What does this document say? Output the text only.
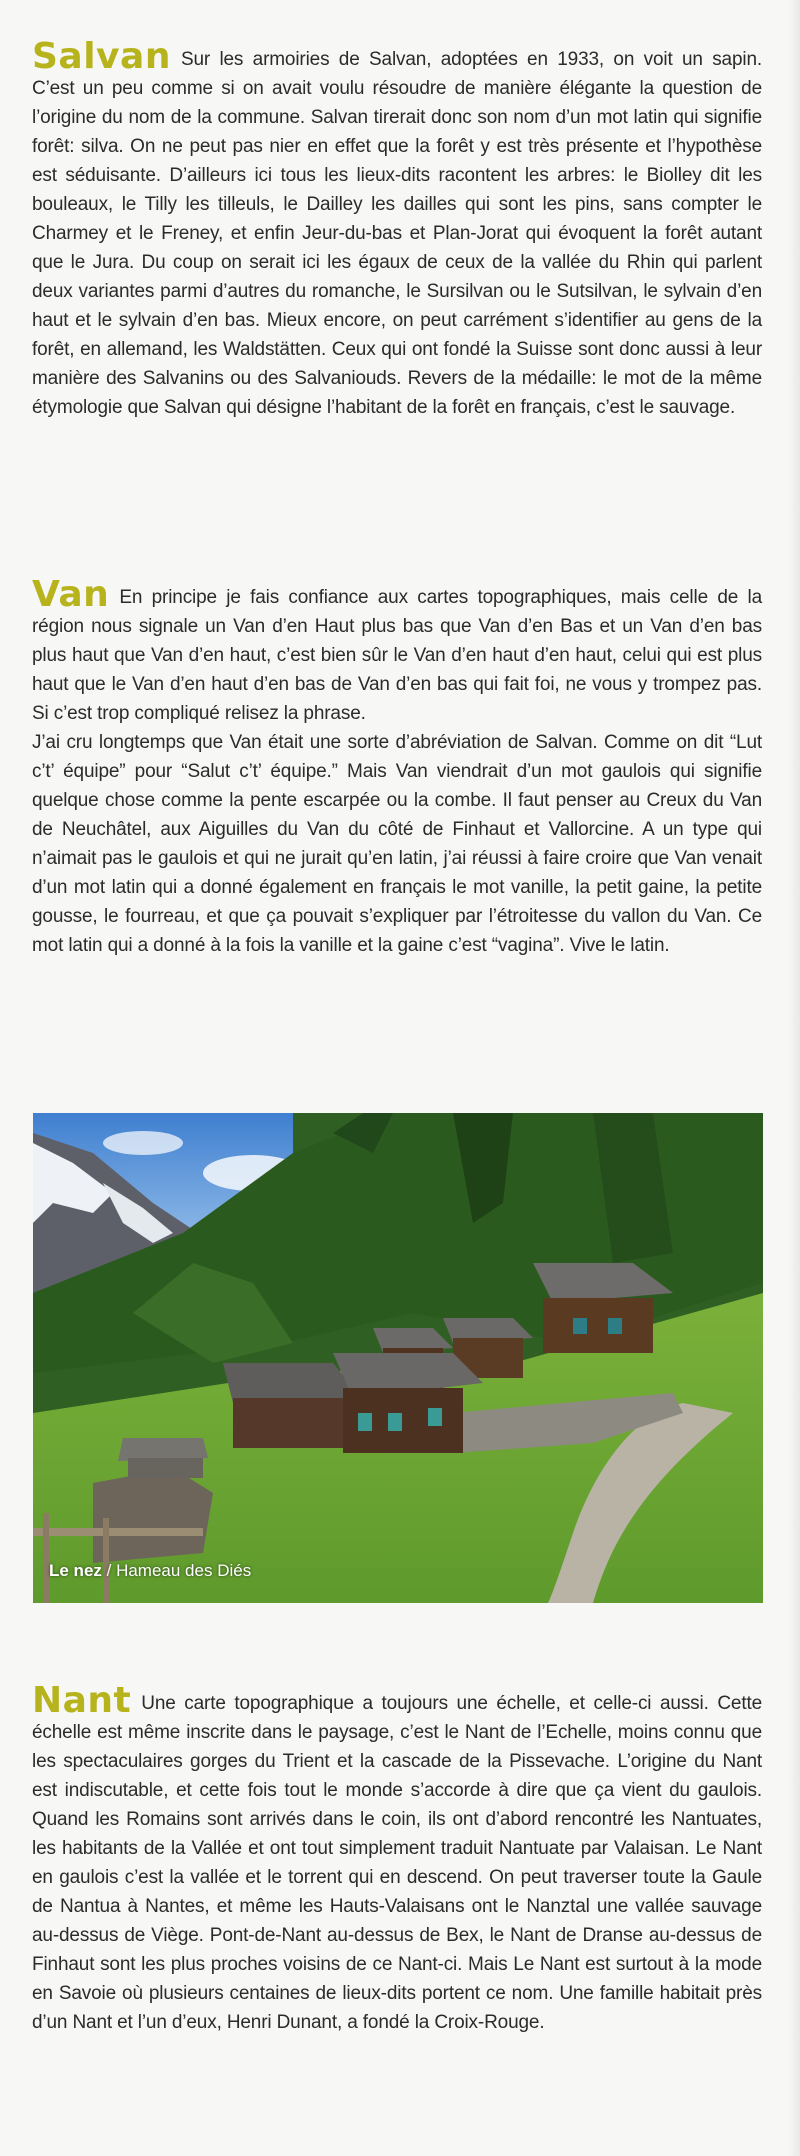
Salvan Sur les armoiries de Salvan, adoptées en 1933, on voit un sapin. C’est un peu comme si on avait voulu résoudre de manière élégante la question de l’origine du nom de la commune. Salvan tirerait donc son nom d’un mot latin qui signifie forêt: silva. On ne peut pas nier en effet que la forêt y est très présente et l’hypothèse est séduisante. D’ailleurs ici tous les lieux-dits racontent les arbres: le Biolley dit les bouleaux, le Tilly les tilleuls, le Dailley les dailles qui sont les pins, sans compter le Charmey et le Freney, et enfin Jeur-du-bas et Plan-Jorat qui évoquent la forêt autant que le Jura. Du coup on serait ici les égaux de ceux de la vallée du Rhin qui parlent deux variantes parmi d’autres du romanche, le Sursilvan ou le Sutsilvan, le sylvain d’en haut et le sylvain d’en bas. Mieux encore, on peut carrément s’identifier au gens de la forêt, en allemand, les Waldstätten. Ceux qui ont fondé la Suisse sont donc aussi à leur manière des Salvanins ou des Salvaniouds. Revers de la médaille: le mot de la même étymologie que Salvan qui désigne l’habitant de la forêt en français, c’est le sauvage.

Van En principe je fais confiance aux cartes topographiques, mais celle de la région nous signale un Van d’en Haut plus bas que Van d’en Bas et un Van d’en bas plus haut que Van d’en haut, c’est bien sûr le Van d’en haut d’en haut, celui qui est plus haut que le Van d’en haut d’en bas de Van d’en bas qui fait foi, ne vous y trompez pas. Si c’est trop compliqué relisez la phrase.

J’ai cru longtemps que Van était une sorte d’abréviation de Salvan. Comme on dit “Lut c’t’ équipe” pour “Salut c’t’ équipe.” Mais Van viendrait d’un mot gaulois qui signifie quelque chose comme la pente escarpée ou la combe. Il faut penser au Creux du Van de Neuchâtel, aux Aiguilles du Van du côté de Finhaut et Vallorcine. A un type qui n’aimait pas le gaulois et qui ne jurait qu’en latin, j’ai réussi à faire croire que Van venait d’un mot latin qui a donné également en français le mot vanille, la petit gaine, la petite gousse, le fourreau, et que ça pouvait s’expliquer par l’étroitesse du vallon du Van. Ce mot latin qui a donné à la fois la vanille et la gaine c’est “vagina”. Vive le latin.

Le nez / Hameau des Diés

Nant Une carte topographique a toujours une échelle, et celle-ci aussi. Cette échelle est même inscrite dans le paysage, c’est le Nant de l’Echelle, moins connu que les spectaculaires gorges du Trient et la cascade de la Pissevache. L’origine du Nant est indiscutable, et cette fois tout le monde s’accorde à dire que ça vient du gaulois. Quand les Romains sont arrivés dans le coin, ils ont d’abord rencontré les Nantuates, les habitants de la Vallée et ont tout simplement traduit Nantuate par Valaisan. Le Nant en gaulois c’est la vallée et le torrent qui en descend. On peut traverser toute la Gaule de Nantua à Nantes, et même les Hauts-Valaisans ont le Nanztal une vallée sauvage au-dessus de Viège. Pont-de-Nant au-dessus de Bex, le Nant de Dranse au-dessus de Finhaut sont les plus proches voisins de ce Nant-ci. Mais Le Nant est surtout à la mode en Savoie où plusieurs centaines de lieux-dits portent ce nom. Une famille habitait près d’un Nant et l’un d’eux, Henri Dunant, a fondé la Croix-Rouge.
